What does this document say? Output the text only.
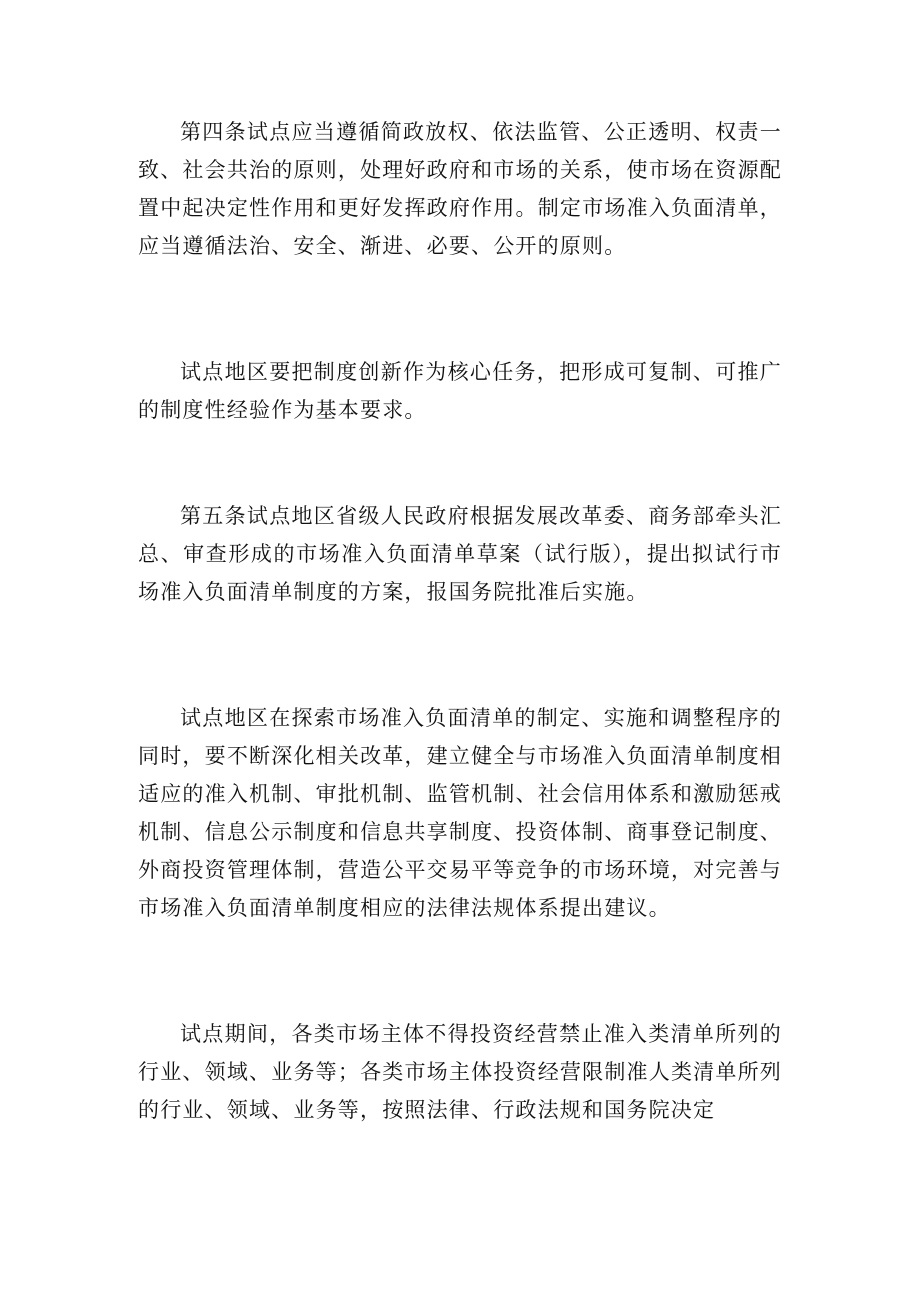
第四条试点应当遵循简政放权、依法监管、公正透明、权责一致、社会共治的原则，处理好政府和市场的关系，使市场在资源配置中起决定性作用和更好发挥政府作用。制定市场准入负面清单，应当遵循法治、安全、渐进、必要、公开的原则。

试点地区要把制度创新作为核心任务，把形成可复制、可推广的制度性经验作为基本要求。

第五条试点地区省级人民政府根据发展改革委、商务部牵头汇总、审查形成的市场准入负面清单草案（试行版），提出拟试行市场准入负面清单制度的方案，报国务院批准后实施。

试点地区在探索市场准入负面清单的制定、实施和调整程序的同时，要不断深化相关改革，建立健全与市场准入负面清单制度相适应的准入机制、审批机制、监管机制、社会信用体系和激励惩戒机制、信息公示制度和信息共享制度、投资体制、商事登记制度、外商投资管理体制，营造公平交易平等竞争的市场环境，对完善与市场准入负面清单制度相应的法律法规体系提出建议。

试点期间，各类市场主体不得投资经营禁止准入类清单所列的行业、领域、业务等；各类市场主体投资经营限制准人类清单所列的行业、领域、业务等，按照法律、行政法规和国务院决定
